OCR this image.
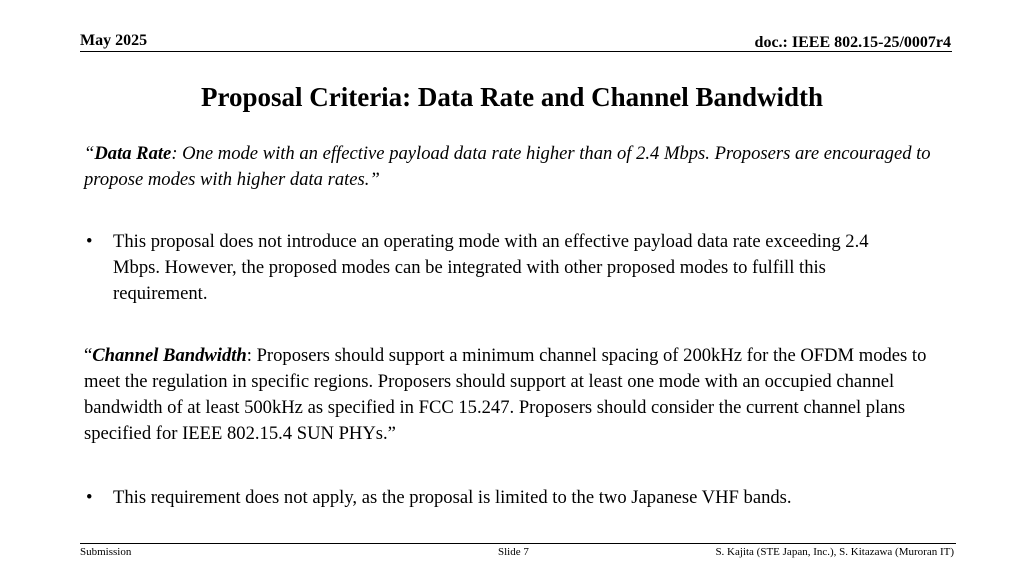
May 2025	doc.: IEEE 802.15-25/0007r4
Proposal Criteria: Data Rate and Channel Bandwidth
“Data Rate: One mode with an effective payload data rate higher than of 2.4 Mbps. Proposers are encouraged to propose modes with higher data rates.”
• This proposal does not introduce an operating mode with an effective payload data rate exceeding 2.4 Mbps. However, the proposed modes can be integrated with other proposed modes to fulfill this requirement.
“Channel Bandwidth: Proposers should support a minimum channel spacing of 200kHz for the OFDM modes to meet the regulation in specific regions. Proposers should support at least one mode with an occupied channel bandwidth of at least 500kHz as specified in FCC 15.247. Proposers should consider the current channel plans specified for IEEE 802.15.4 SUN PHYs.”
• This requirement does not apply, as the proposal is limited to the two Japanese VHF bands.
Submission	Slide 7	S. Kajita (STE Japan, Inc.), S. Kitazawa (Muroran IT)
